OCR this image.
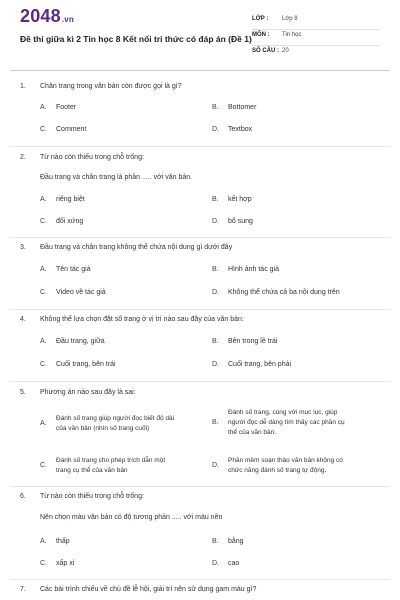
2048.vn
Đề thi giữa kì 2 Tin học 8 Kết nối tri thức có đáp án (Đề 1)
LỚP : Lớp 8
MÔN : Tin học
SỐ CÂU : 20
1. Chân trang trong văn bản còn được gọi là gì?
A. Footer	B. Bottomer
C. Comment	D. Textbox
2. Từ nào còn thiếu trong chỗ trống:
Đầu trang và chân trang là phần ..... với văn bản.
A. riêng biệt	B. kết hợp
C. đối xứng	D. bổ sung
3. Đầu trang và chân trang không thể chứa nội dung gì dưới đây
A. Tên tác giả	B. Hình ảnh tác giả
C. Video về tác giả	D. Không thể chứa cả ba nội dung trên
4. Không thể lựa chọn đặt số trang ở vị trí nào sau đây của văn bản:
A. Đầu trang, giữa	B. Bên trong lề trái
C. Cuối trang, bên trái	D. Cuối trang, bên phải
5. Phương án nào sau đây là sai:
A.
Đánh số trang giúp người đọc biết độ dài
của văn bản (nhìn số trang cuối)
B.
Đánh số trang, cùng với mục lục, giúp
người đọc dễ dàng tìm thấy các phần cụ
thể của văn bản.
C.
Đánh số trang cho phép trích dẫn một
trang cụ thể của văn bản
D.
Phần mềm soạn thảo văn bản không có
chức năng đánh số trang tự động.
6. Từ nào còn thiếu trong chỗ trống:
Nên chọn màu văn bản có độ tương phản ..... với màu nền
A. thấp	B. bằng
C. xấp xỉ	D. cao
7. Các bài trình chiếu về chủ đề lễ hội, giải trí nên sử dụng gam màu gì?
